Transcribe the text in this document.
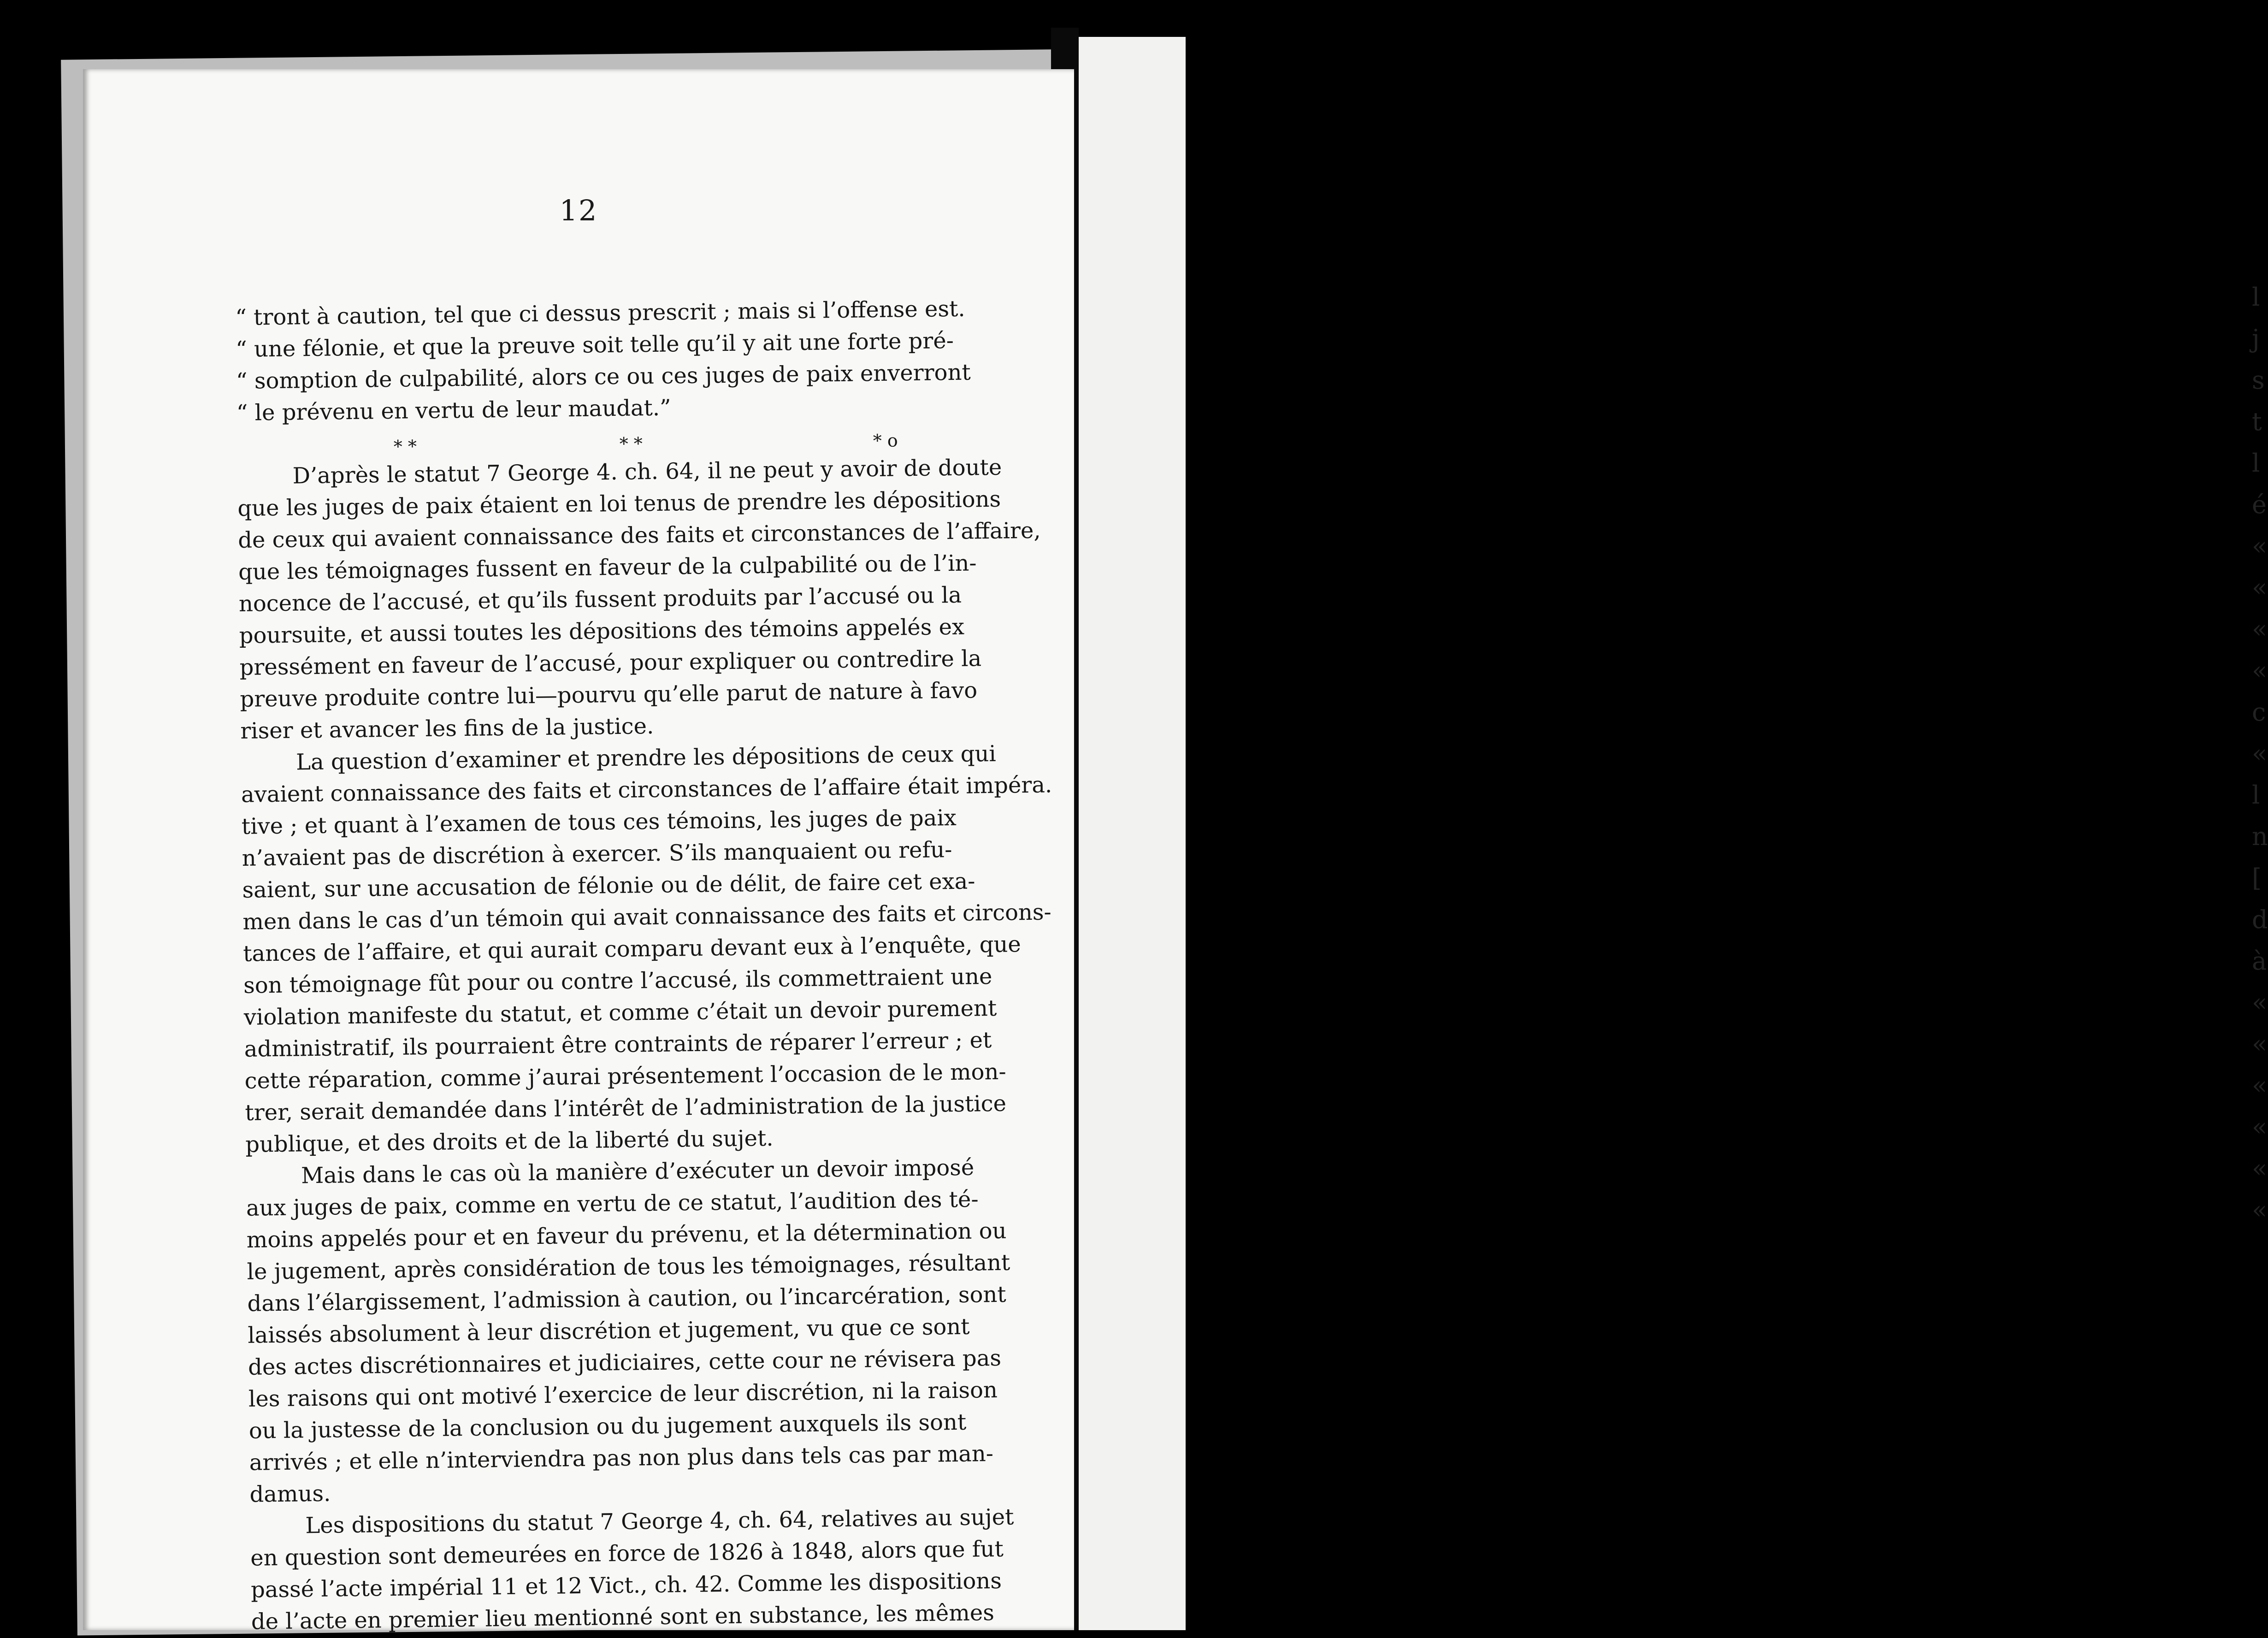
l
j
s
t
l
é
«
«
«
«
c
«
l
n
[
d
à
«
«
«
«
«
«
12
“ tront à caution, tel que ci dessus prescrit ; mais si l’offense est.
“ une félonie, et que la preuve soit telle qu’il y ait une forte pré-
“ somption de culpabilité, alors ce ou ces juges de paix enverront
“ le prévenu en vertu de leur maudat.”
* *	* *	* o
D’après le statut 7 George 4. ch. 64, il ne peut y avoir de doute
que les juges de paix étaient en loi tenus de prendre les dépositions
de ceux qui avaient connaissance des faits et circonstances de l’affaire,
que les témoignages fussent en faveur de la culpabilité ou de l’in-
nocence de l’accusé, et qu’ils fussent produits par l’accusé ou la
poursuite, et aussi toutes les dépositions des témoins appelés ex
pressément en faveur de l’accusé, pour expliquer ou contredire la
preuve produite contre lui—pourvu qu’elle parut de nature à favo
riser et avancer les fins de la justice.
La question d’examiner et prendre les dépositions de ceux qui
avaient connaissance des faits et circonstances de l’affaire était impéra.
tive ; et quant à l’examen de tous ces témoins, les juges de paix
n’avaient pas de discrétion à exercer. S’ils manquaient ou refu-
saient, sur une accusation de félonie ou de délit, de faire cet exa-
men dans le cas d’un témoin qui avait connaissance des faits et circons-
tances de l’affaire, et qui aurait comparu devant eux à l’enquête, que
son témoignage fût pour ou contre l’accusé, ils commettraient une
violation manifeste du statut, et comme c’était un devoir purement
administratif, ils pourraient être contraints de réparer l’erreur ; et
cette réparation, comme j’aurai présentement l’occasion de le mon-
trer, serait demandée dans l’intérêt de l’administration de la justice
publique, et des droits et de la liberté du sujet.
Mais dans le cas où la manière d’exécuter un devoir imposé
aux juges de paix, comme en vertu de ce statut, l’audition des té-
moins appelés pour et en faveur du prévenu, et la détermination ou
le jugement, après considération de tous les témoignages, résultant
dans l’élargissement, l’admission à caution, ou l’incarcération, sont
laissés absolument à leur discrétion et jugement, vu que ce sont
des actes discrétionnaires et judiciaires, cette cour ne révisera pas
les raisons qui ont motivé l’exercice de leur discrétion, ni la raison
ou la justesse de la conclusion ou du jugement auxquels ils sont
arrivés ; et elle n’interviendra pas non plus dans tels cas par man-
damus.
Les dispositions du statut 7 George 4, ch. 64, relatives au sujet
en question sont demeurées en force de 1826 à 1848, alors que fut
passé l’acte impérial 11 et 12 Vict., ch. 42. Comme les dispositions
de l’acte en premier lieu mentionné sont en substance, les mêmes
